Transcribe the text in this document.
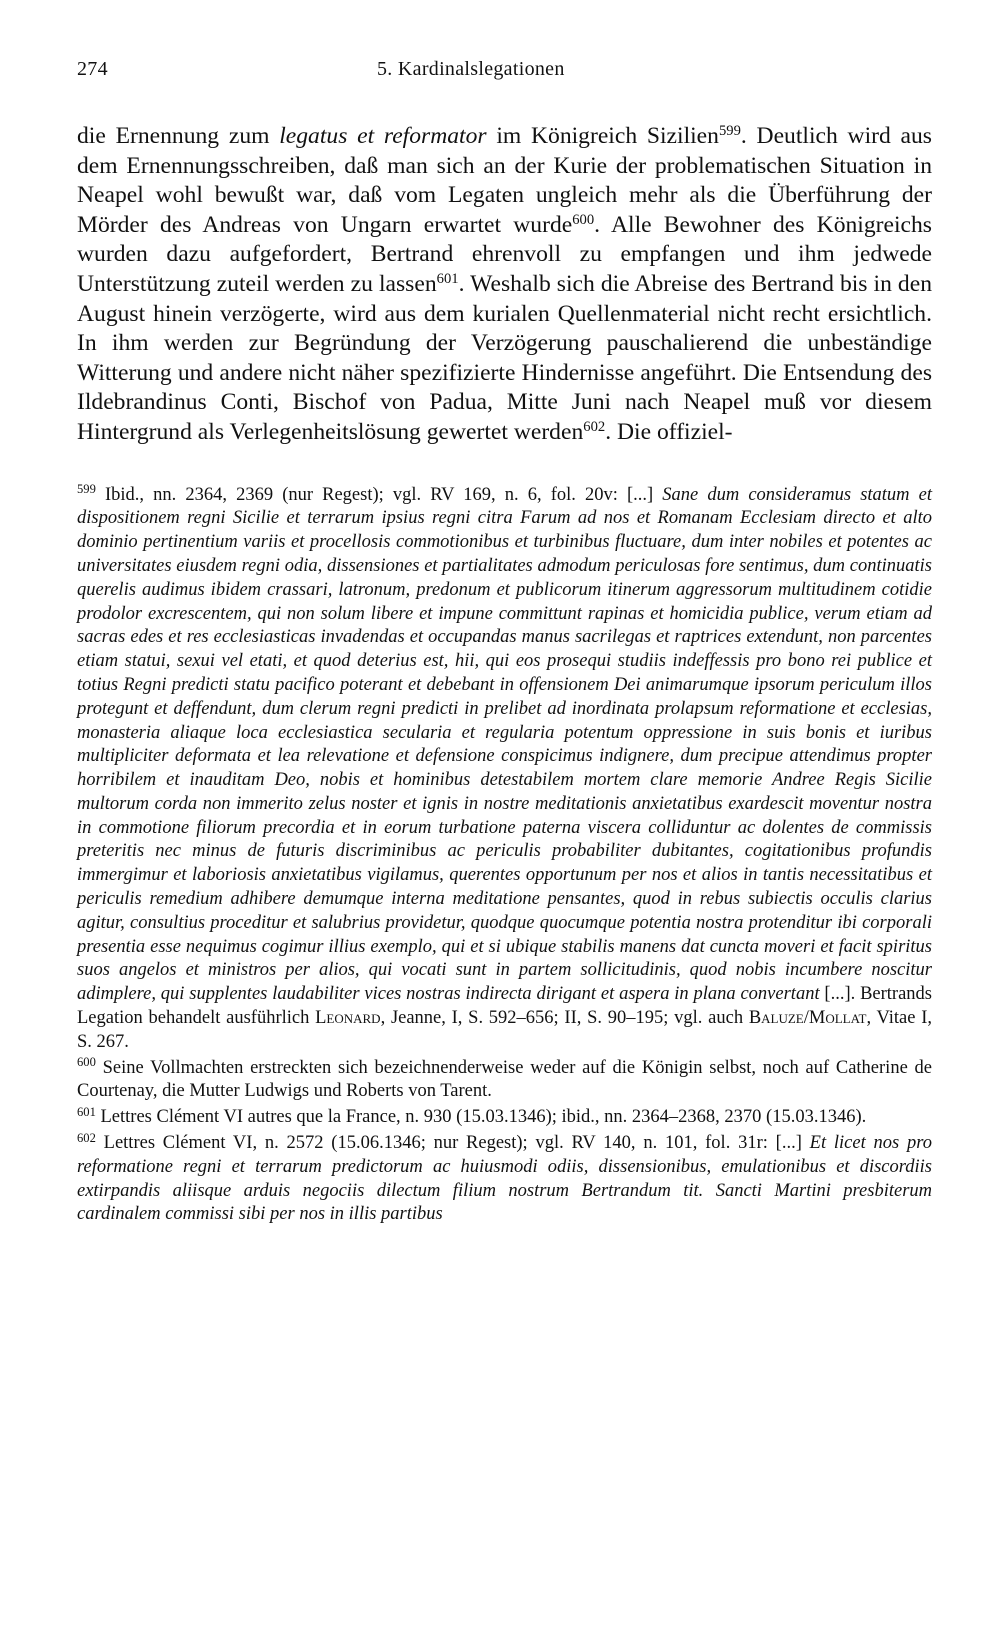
274	5. Kardinalslegationen

die Ernennung zum legatus et reformator im Königreich Sizilien$^{599}$. Deutlich wird aus dem Ernennungsschreiben, daß man sich an der Kurie der problematischen Situation in Neapel wohl bewußt war, daß vom Legaten ungleich mehr als die Überführung der Mörder des Andreas von Ungarn erwartet wurde$^{600}$. Alle Bewohner des Königreichs wurden dazu aufgefordert, Bertrand ehrenvoll zu empfangen und ihm jedwede Unterstützung zuteil werden zu lassen$^{601}$. Weshalb sich die Abreise des Bertrand bis in den August hinein verzögerte, wird aus dem kurialen Quellenmaterial nicht recht ersichtlich. In ihm werden zur Begründung der Verzögerung pauschalierend die unbeständige Witterung und andere nicht näher spezifizierte Hindernisse angeführt. Die Entsendung des Ildebrandinus Conti, Bischof von Padua, Mitte Juni nach Neapel muß vor diesem Hintergrund als Verlegenheitslösung gewertet werden$^{602}$. Die offiziel-

$^{599}$ Ibid., nn. 2364, 2369 (nur Regest); vgl. RV 169, n. 6, fol. 20v: [...] Sane dum consideramus statum et dispositionem regni Sicilie et terrarum ipsius regni citra Farum ad nos et Romanam Ecclesiam directo et alto dominio pertinentium variis et procellosis commotionibus et turbinibus fluctuare, dum inter nobiles et potentes ac universitates eiusdem regni odia, dissensiones et partialitates admodum periculosas fore sentimus, dum continuatis querelis audimus ibidem crassari, latronum, predonum et publicorum itinerum aggressorum multitudinem cotidie prodolor excrescentem, qui non solum libere et impune committunt rapinas et homicidia publice, verum etiam ad sacras edes et res ecclesiasticas invadendas et occupandas manus sacrilegas et raptrices extendunt, non parcentes etiam statui, sexui vel etati, et quod deterius est, hii, qui eos prosequi studiis indeffessis pro bono rei publice et totius Regni predicti statu pacifico poterant et debebant in offensionem Dei animarumque ipsorum periculum illos protegunt et deffendunt, dum clerum regni predicti in prelibet ad inordinata prolapsum reformatione et ecclesias, monasteria aliaque loca ecclesiastica secularia et regularia potentum oppressione in suis bonis et iuribus multipliciter deformata et lea relevatione et defensione conspicimus indignere, dum precipue attendimus propter horribilem et inauditam Deo, nobis et hominibus detestabilem mortem clare memorie Andree Regis Sicilie multorum corda non immerito zelus noster et ignis in nostre meditationis anxietatibus exardescit moventur nostra in commotione filiorum precordia et in eorum turbatione paterna viscera colliduntur ac dolentes de commissis preteritis nec minus de futuris discriminibus ac periculis probabiliter dubitantes, cogitationibus profundis immergimur et laboriosis anxietatibus vigilamus, querentes opportunum per nos et alios in tantis necessitatibus et periculis remedium adhibere demumque interna meditatione pensantes, quod in rebus subiectis occulis clarius agitur, consultius proceditur et salubrius providetur, quodque quocumque potentia nostra protenditur ibi corporali presentia esse nequimus cogimur illius exemplo, qui et si ubique stabilis manens dat cuncta moveri et facit spiritus suos angelos et ministros per alios, qui vocati sunt in partem sollicitudinis, quod nobis incumbere noscitur adimplere, qui supplentes laudabiliter vices nostras indirecta dirigant et aspera in plana convertant [...]. Bertrands Legation behandelt ausführlich Leonard, Jeanne, I, S. 592–656; II, S. 90–195; vgl. auch Baluze/Mollat, Vitae I, S. 267.

$^{600}$ Seine Vollmachten erstreckten sich bezeichnenderweise weder auf die Königin selbst, noch auf Catherine de Courtenay, die Mutter Ludwigs und Roberts von Tarent.

$^{601}$ Lettres Clément VI autres que la France, n. 930 (15.03.1346); ibid., nn. 2364–2368, 2370 (15.03.1346).

$^{602}$ Lettres Clément VI, n. 2572 (15.06.1346; nur Regest); vgl. RV 140, n. 101, fol. 31r: [...] Et licet nos pro reformatione regni et terrarum predictorum ac huiusmodi odiis, dissensionibus, emulationibus et discordiis extirpandis aliisque arduis negociis dilectum filium nostrum Bertrandum tit. Sancti Martini presbiterum cardinalem commissi sibi per nos in illis partibus
